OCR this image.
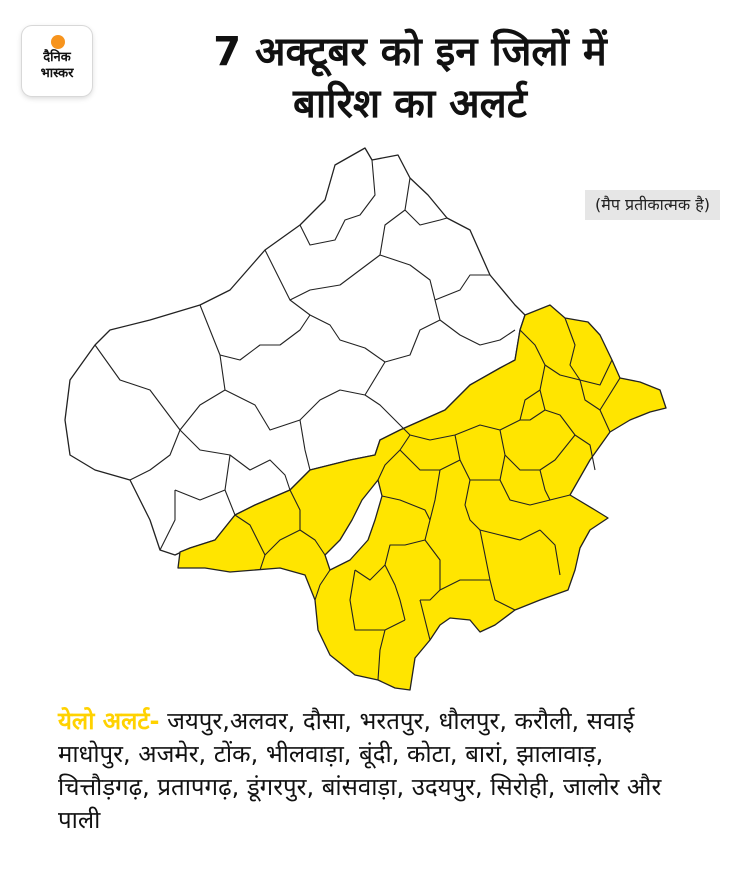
दैनिक
भास्कर	7 अक्टूबर को इन जिलों में
बारिश का अलर्ट
(मैप प्रतीकात्मक है)
येलो अलर्ट- जयपुर,अलवर, दौसा, भरतपुर, धौलपुर, करौली, सवाई माधोपुर, अजमेर, टोंक, भीलवाड़ा, बूंदी, कोटा, बारां, झालावाड़, चित्तौड़गढ़, प्रतापगढ़, डूंगरपुर, बांसवाड़ा, उदयपुर, सिरोही, जालोर और पाली
